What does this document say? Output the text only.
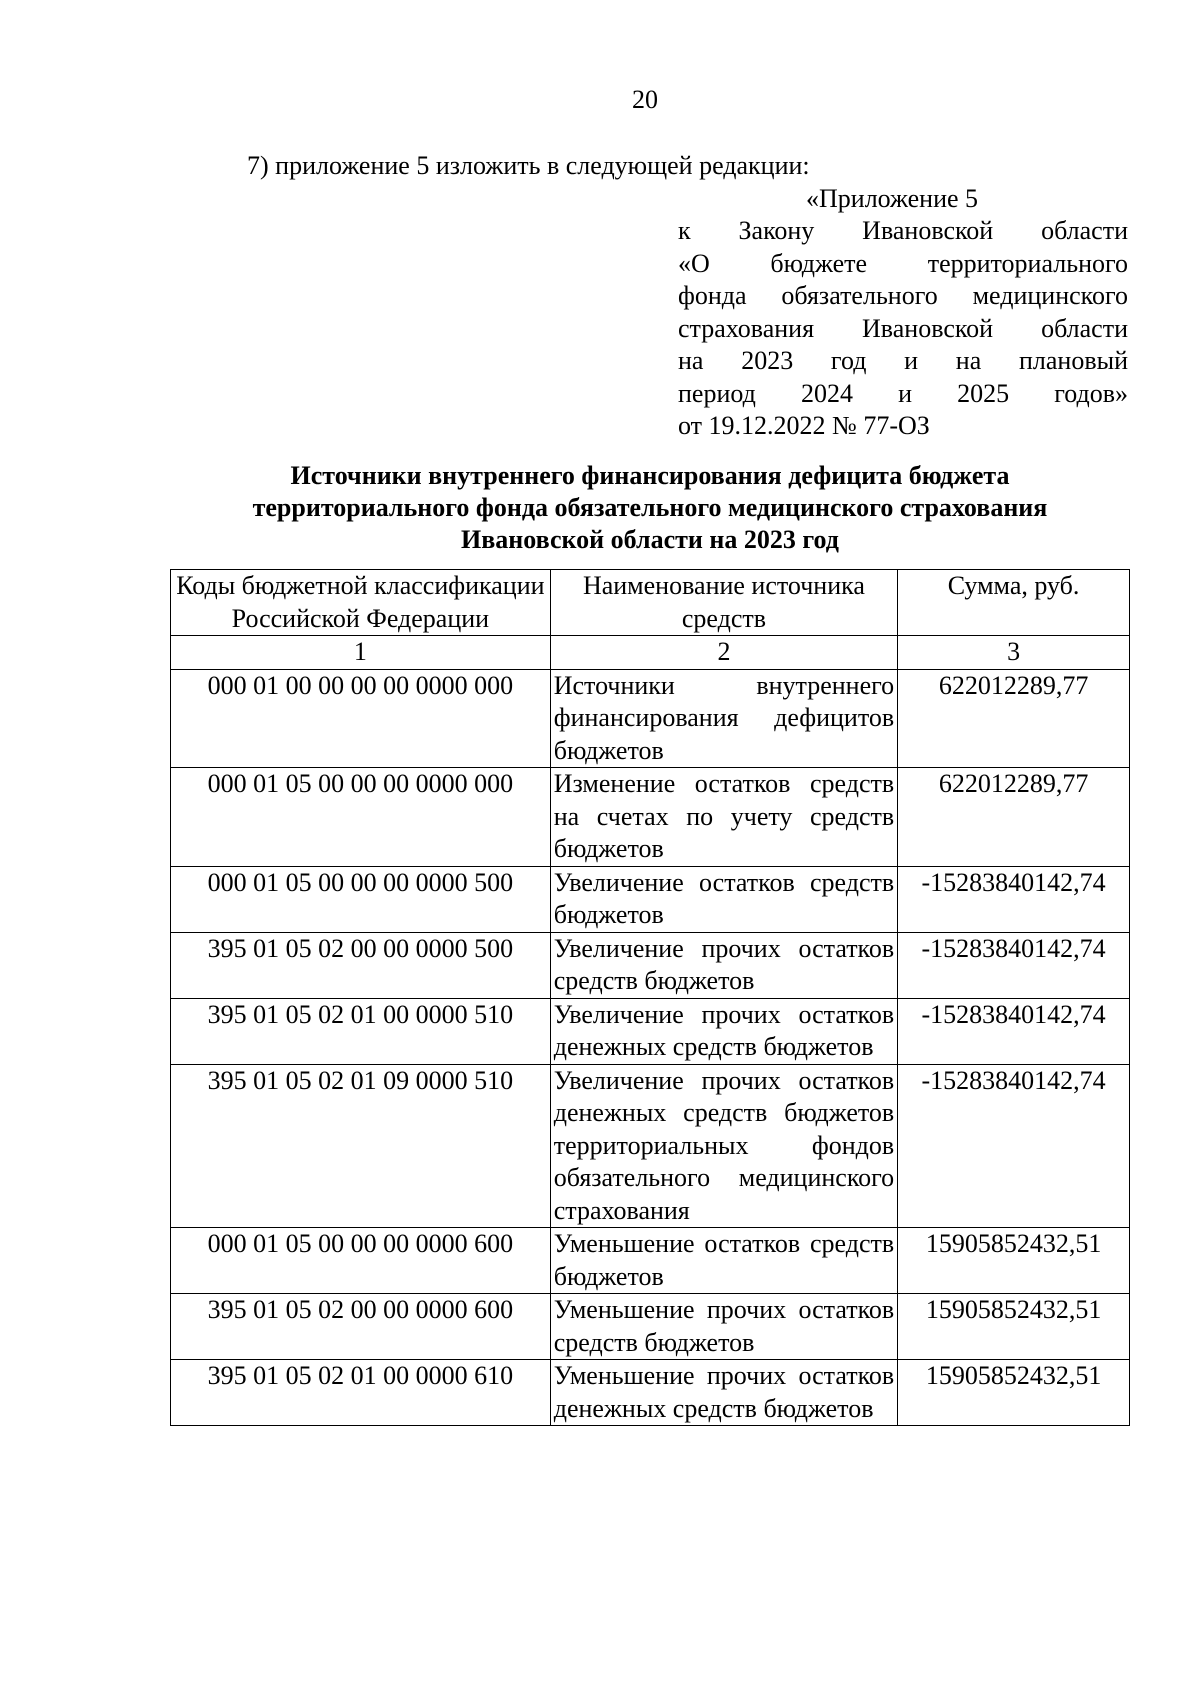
20
7) приложение 5 изложить в следующей редакции:
«Приложение 5
к Закону Ивановской области
«О бюджете территориального
фонда обязательного медицинского
страхования Ивановской области
на 2023 год и на плановый
период 2024 и 2025 годов»
от 19.12.2022 № 77-ОЗ
Источники внутреннего финансирования дефицита бюджета
территориального фонда обязательного медицинского страхования
Ивановской области на 2023 год
Коды бюджетной классификации Российской Федерации	Наименование источника средств	Сумма, руб.
1	2	3
000 01 00 00 00 00 0000 000	Источники внутреннего финансирования дефицитов бюджетов	622012289,77
000 01 05 00 00 00 0000 000	Изменение остатков средств на счетах по учету средств бюджетов	622012289,77
000 01 05 00 00 00 0000 500	Увеличение остатков средств бюджетов	-15283840142,74
395 01 05 02 00 00 0000 500	Увеличение прочих остатков средств бюджетов	-15283840142,74
395 01 05 02 01 00 0000 510	Увеличение прочих остатков денежных средств бюджетов	-15283840142,74
395 01 05 02 01 09 0000 510	Увеличение прочих остатков денежных средств бюджетов территориальных фондов обязательного медицинского страхования	-15283840142,74
000 01 05 00 00 00 0000 600	Уменьшение остатков средств бюджетов	15905852432,51
395 01 05 02 00 00 0000 600	Уменьшение прочих остатков средств бюджетов	15905852432,51
395 01 05 02 01 00 0000 610	Уменьшение прочих остатков денежных средств бюджетов	15905852432,51
